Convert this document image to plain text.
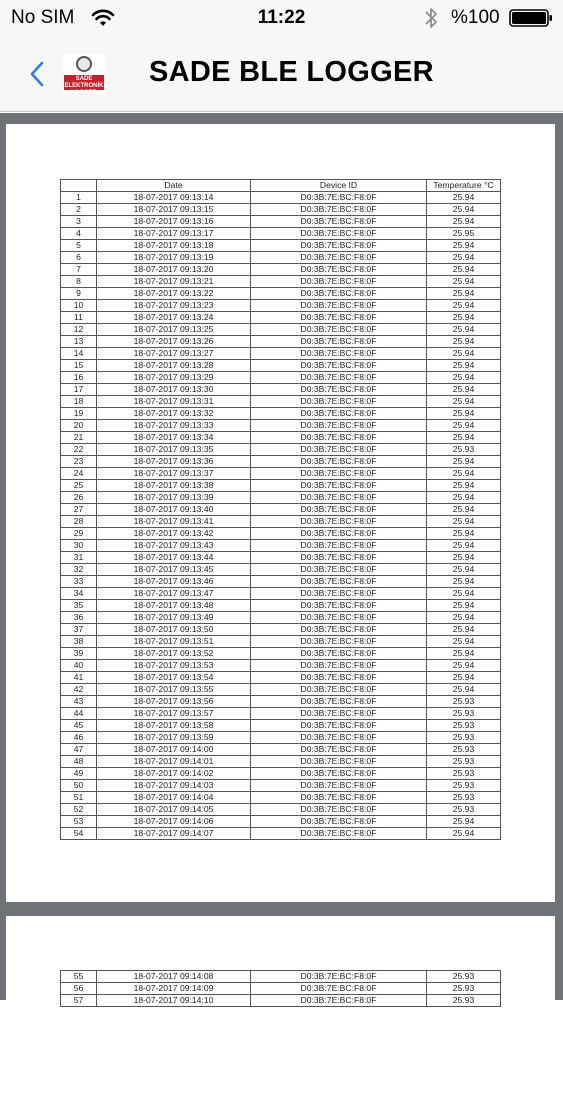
No SIM	11:22	%100
SADE ELEKTRONİK LOGGER
SADE BLE LOGGER
	Date	Device ID	Temperature °C
1	18-07-2017 09:13:14	D0:3B:7E:BC:F8:0F	25.94
2	18-07-2017 09:13:15	D0:3B:7E:BC:F8:0F	25.94
3	18-07-2017 09:13:16	D0:3B:7E:BC:F8:0F	25.94
4	18-07-2017 09:13:17	D0:3B:7E:BC:F8:0F	25.95
5	18-07-2017 09:13:18	D0:3B:7E:BC:F8:0F	25.94
6	18-07-2017 09:13:19	D0:3B:7E:BC:F8:0F	25.94
7	18-07-2017 09:13:20	D0:3B:7E:BC:F8:0F	25.94
8	18-07-2017 09:13:21	D0:3B:7E:BC:F8:0F	25.94
9	18-07-2017 09:13:22	D0:3B:7E:BC:F8:0F	25.94
10	18-07-2017 09:13:23	D0:3B:7E:BC:F8:0F	25.94
11	18-07-2017 09:13:24	D0:3B:7E:BC:F8:0F	25.94
12	18-07-2017 09:13:25	D0:3B:7E:BC:F8:0F	25.94
13	18-07-2017 09:13:26	D0:3B:7E:BC:F8:0F	25.94
14	18-07-2017 09:13:27	D0:3B:7E:BC:F8:0F	25.94
15	18-07-2017 09:13:28	D0:3B:7E:BC:F8:0F	25.94
16	18-07-2017 09:13:29	D0:3B:7E:BC:F8:0F	25.94
17	18-07-2017 09:13:30	D0:3B:7E:BC:F8:0F	25.94
18	18-07-2017 09:13:31	D0:3B:7E:BC:F8:0F	25.94
19	18-07-2017 09:13:32	D0:3B:7E:BC:F8:0F	25.94
20	18-07-2017 09:13:33	D0:3B:7E:BC:F8:0F	25.94
21	18-07-2017 09:13:34	D0:3B:7E:BC:F8:0F	25.94
22	18-07-2017 09:13:35	D0:3B:7E:BC:F8:0F	25.93
23	18-07-2017 09:13:36	D0:3B:7E:BC:F8:0F	25.94
24	18-07-2017 09:13:37	D0:3B:7E:BC:F8:0F	25.94
25	18-07-2017 09:13:38	D0:3B:7E:BC:F8:0F	25.94
26	18-07-2017 09:13:39	D0:3B:7E:BC:F8:0F	25.94
27	18-07-2017 09:13:40	D0:3B:7E:BC:F8:0F	25.94
28	18-07-2017 09:13:41	D0:3B:7E:BC:F8:0F	25.94
29	18-07-2017 09:13:42	D0:3B:7E:BC:F8:0F	25.94
30	18-07-2017 09:13:43	D0:3B:7E:BC:F8:0F	25.94
31	18-07-2017 09:13:44	D0:3B:7E:BC:F8:0F	25.94
32	18-07-2017 09:13:45	D0:3B:7E:BC:F8:0F	25.94
33	18-07-2017 09:13:46	D0:3B:7E:BC:F8:0F	25.94
34	18-07-2017 09:13:47	D0:3B:7E:BC:F8:0F	25.94
35	18-07-2017 09:13:48	D0:3B:7E:BC:F8:0F	25.94
36	18-07-2017 09:13:49	D0:3B:7E:BC:F8:0F	25.94
37	18-07-2017 09:13:50	D0:3B:7E:BC:F8:0F	25.94
38	18-07-2017 09:13:51	D0:3B:7E:BC:F8:0F	25.94
39	18-07-2017 09:13:52	D0:3B:7E:BC:F8:0F	25.94
40	18-07-2017 09:13:53	D0:3B:7E:BC:F8:0F	25.94
41	18-07-2017 09:13:54	D0:3B:7E:BC:F8:0F	25.94
42	18-07-2017 09:13:55	D0:3B:7E:BC:F8:0F	25.94
43	18-07-2017 09:13:56	D0:3B:7E:BC:F8:0F	25.93
44	18-07-2017 09:13:57	D0:3B:7E:BC:F8:0F	25.93
45	18-07-2017 09:13:58	D0:3B:7E:BC:F8:0F	25.93
46	18-07-2017 09:13:59	D0:3B:7E:BC:F8:0F	25.93
47	18-07-2017 09:14:00	D0:3B:7E:BC:F8:0F	25.93
48	18-07-2017 09:14:01	D0:3B:7E:BC:F8:0F	25.93
49	18-07-2017 09:14:02	D0:3B:7E:BC:F8:0F	25.93
50	18-07-2017 09:14:03	D0:3B:7E:BC:F8:0F	25.93
51	18-07-2017 09:14:04	D0:3B:7E:BC:F8:0F	25.93
52	18-07-2017 09:14:05	D0:3B:7E:BC:F8:0F	25.93
53	18-07-2017 09:14:06	D0:3B:7E:BC:F8:0F	25.94
54	18-07-2017 09:14:07	D0:3B:7E:BC:F8:0F	25.94
55	18-07-2017 09:14:08	D0:3B:7E:BC:F8:0F	25.93
56	18-07-2017 09:14:09	D0:3B:7E:BC:F8:0F	25.93
57	18-07-2017 09:14:10	D0:3B:7E:BC:F8:0F	25.93
